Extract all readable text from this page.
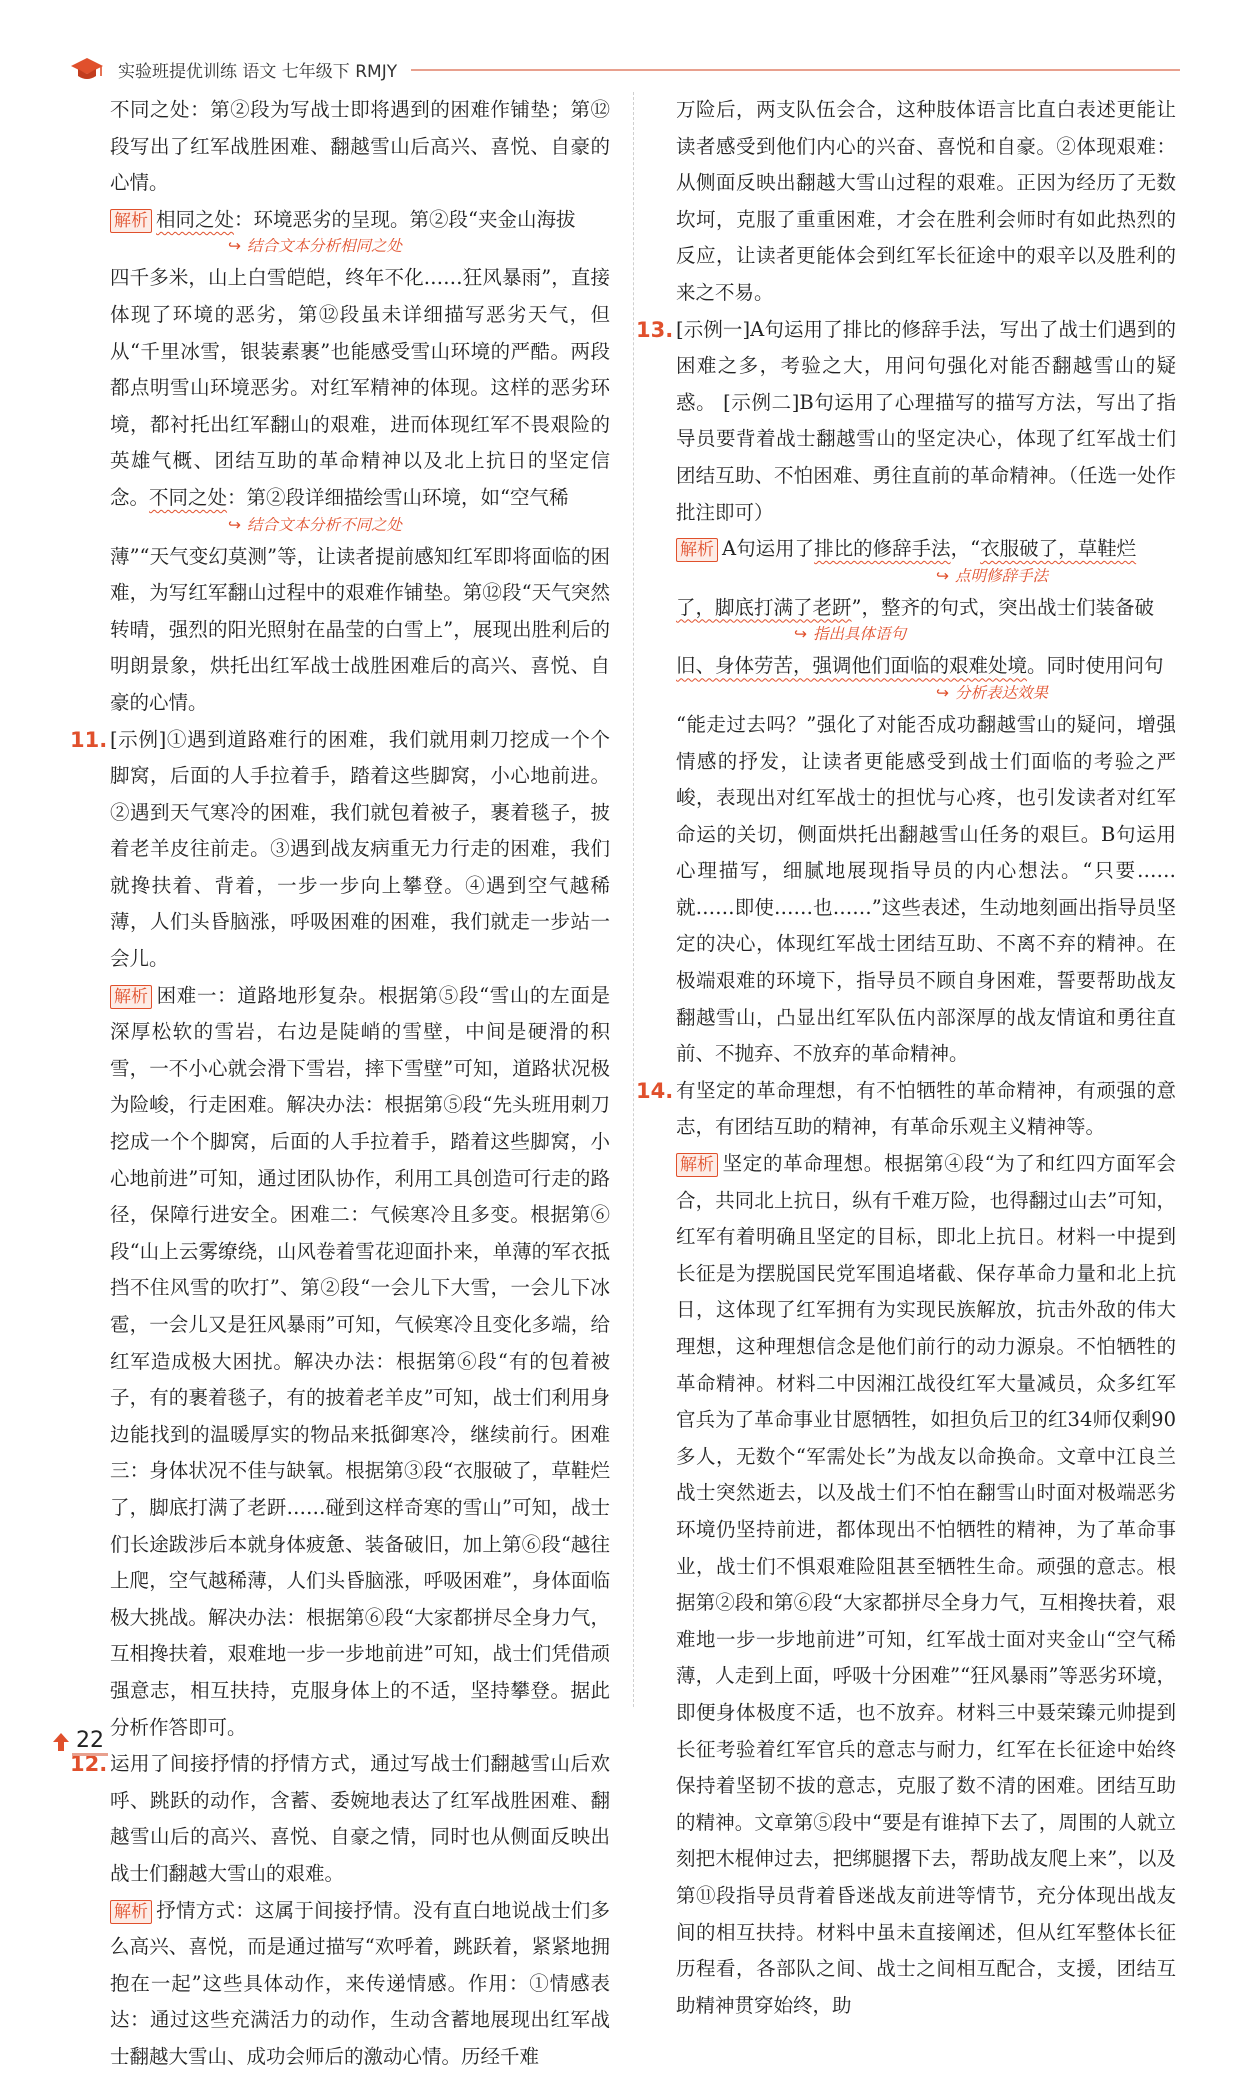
实验班提优训练 语文 七年级下 RMJY

不同之处：第②段为写战士即将遇到的困难作铺垫；第⑫段写出了红军战胜困难、翻越雪山后高兴、喜悦、自豪的心情。

解析 相同之处：环境恶劣的呈现。第②段“夹金山海拔

↪ 结合文本分析相同之处

四千多米，山上白雪皑皑，终年不化……狂风暴雨”，直接体现了环境的恶劣，第⑫段虽未详细描写恶劣天气，但从“千里冰雪，银装素裹”也能感受雪山环境的严酷。两段都点明雪山环境恶劣。对红军精神的体现。这样的恶劣环境，都衬托出红军翻山的艰难，进而体现红军不畏艰险的英雄气概、团结互助的革命精神以及北上抗日的坚定信念。不同之处：第②段详细描绘雪山环境，如“空气稀

↪ 结合文本分析不同之处

薄”“天气变幻莫测”等，让读者提前感知红军即将面临的困难，为写红军翻山过程中的艰难作铺垫。第⑫段“天气突然转晴，强烈的阳光照射在晶莹的白雪上”，展现出胜利后的明朗景象，烘托出红军战士战胜困难后的高兴、喜悦、自豪的心情。

11. [示例]①遇到道路难行的困难，我们就用刺刀挖成一个个脚窝，后面的人手拉着手，踏着这些脚窝，小心地前进。②遇到天气寒冷的困难，我们就包着被子，裹着毯子，披着老羊皮往前走。③遇到战友病重无力行走的困难，我们就搀扶着、背着，一步一步向上攀登。④遇到空气越稀薄，人们头昏脑涨，呼吸困难的困难，我们就走一步站一会儿。

解析 困难一：道路地形复杂。根据第⑤段“雪山的左面是深厚松软的雪岩，右边是陡峭的雪壁，中间是硬滑的积雪，一不小心就会滑下雪岩，摔下雪壁”可知，道路状况极为险峻，行走困难。解决办法：根据第⑤段“先头班用刺刀挖成一个个脚窝，后面的人手拉着手，踏着这些脚窝，小心地前进”可知，通过团队协作，利用工具创造可行走的路径，保障行进安全。困难二：气候寒冷且多变。根据第⑥段“山上云雾缭绕，山风卷着雪花迎面扑来，单薄的军衣抵挡不住风雪的吹打”、第②段“一会儿下大雪，一会儿下冰雹，一会儿又是狂风暴雨”可知，气候寒冷且变化多端，给红军造成极大困扰。解决办法：根据第⑥段“有的包着被子，有的裹着毯子，有的披着老羊皮”可知，战士们利用身边能找到的温暖厚实的物品来抵御寒冷，继续前行。困难三：身体状况不佳与缺氧。根据第③段“衣服破了，草鞋烂了，脚底打满了老趼……碰到这样奇寒的雪山”可知，战士们长途跋涉后本就身体疲惫、装备破旧，加上第⑥段“越往上爬，空气越稀薄，人们头昏脑涨，呼吸困难”，身体面临极大挑战。解决办法：根据第⑥段“大家都拼尽全身力气，互相搀扶着，艰难地一步一步地前进”可知，战士们凭借顽强意志，相互扶持，克服身体上的不适，坚持攀登。据此分析作答即可。

12. 运用了间接抒情的抒情方式，通过写战士们翻越雪山后欢呼、跳跃的动作，含蓄、委婉地表达了红军战胜困难、翻越雪山后的高兴、喜悦、自豪之情，同时也从侧面反映出战士们翻越大雪山的艰难。

解析 抒情方式：这属于间接抒情。没有直白地说战士们多么高兴、喜悦，而是通过描写“欢呼着，跳跃着，紧紧地拥抱在一起”这些具体动作，来传递情感。作用：①情感表达：通过这些充满活力的动作，生动含蓄地展现出红军战士翻越大雪山、成功会师后的激动心情。历经千难

万险后，两支队伍会合，这种肢体语言比直白表述更能让读者感受到他们内心的兴奋、喜悦和自豪。②体现艰难：从侧面反映出翻越大雪山过程的艰难。正因为经历了无数坎坷，克服了重重困难，才会在胜利会师时有如此热烈的反应，让读者更能体会到红军长征途中的艰辛以及胜利的来之不易。

13. [示例一]A句运用了排比的修辞手法，写出了战士们遇到的困难之多，考验之大，用问句强化对能否翻越雪山的疑惑。 [示例二]B句运用了心理描写的描写方法，写出了指导员要背着战士翻越雪山的坚定决心，体现了红军战士们团结互助、不怕困难、勇往直前的革命精神。（任选一处作批注即可）

解析 A句运用了排比的修辞手法，“衣服破了，草鞋烂

↪ 点明修辞手法

了，脚底打满了老趼”，整齐的句式，突出战士们装备破

↪ 指出具体语句

旧、身体劳苦，强调他们面临的艰难处境。同时使用问句

↪ 分析表达效果

“能走过去吗？”强化了对能否成功翻越雪山的疑问，增强情感的抒发，让读者更能感受到战士们面临的考验之严峻，表现出对红军战士的担忧与心疼，也引发读者对红军命运的关切，侧面烘托出翻越雪山任务的艰巨。B句运用心理描写，细腻地展现指导员的内心想法。“只要……就……即使……也……”这些表述，生动地刻画出指导员坚定的决心，体现红军战士团结互助、不离不弃的精神。在极端艰难的环境下，指导员不顾自身困难，誓要帮助战友翻越雪山，凸显出红军队伍内部深厚的战友情谊和勇往直前、不抛弃、不放弃的革命精神。

14. 有坚定的革命理想，有不怕牺牲的革命精神，有顽强的意志，有团结互助的精神，有革命乐观主义精神等。

解析 坚定的革命理想。根据第④段“为了和红四方面军会合，共同北上抗日，纵有千难万险，也得翻过山去”可知，红军有着明确且坚定的目标，即北上抗日。材料一中提到长征是为摆脱国民党军围追堵截、保存革命力量和北上抗日，这体现了红军拥有为实现民族解放，抗击外敌的伟大理想，这种理想信念是他们前行的动力源泉。不怕牺牲的革命精神。材料二中因湘江战役红军大量减员，众多红军官兵为了革命事业甘愿牺牲，如担负后卫的红34师仅剩90多人，无数个“军需处长”为战友以命换命。文章中江良兰战士突然逝去，以及战士们不怕在翻雪山时面对极端恶劣环境仍坚持前进，都体现出不怕牺牲的精神，为了革命事业，战士们不惧艰难险阻甚至牺牲生命。顽强的意志。根据第②段和第⑥段“大家都拼尽全身力气，互相搀扶着，艰难地一步一步地前进”可知，红军战士面对夹金山“空气稀薄，人走到上面，呼吸十分困难”“狂风暴雨”等恶劣环境，即便身体极度不适，也不放弃。材料三中聂荣臻元帅提到长征考验着红军官兵的意志与耐力，红军在长征途中始终保持着坚韧不拔的意志，克服了数不清的困难。团结互助的精神。文章第⑤段中“要是有谁掉下去了，周围的人就立刻把木棍伸过去，把绑腿撂下去，帮助战友爬上来”，以及第⑪段指导员背着昏迷战友前进等情节，充分体现出战友间的相互扶持。材料中虽未直接阐述，但从红军整体长征历程看，各部队之间、战士之间相互配合，支援，团结互助精神贯穿始终，助

22
